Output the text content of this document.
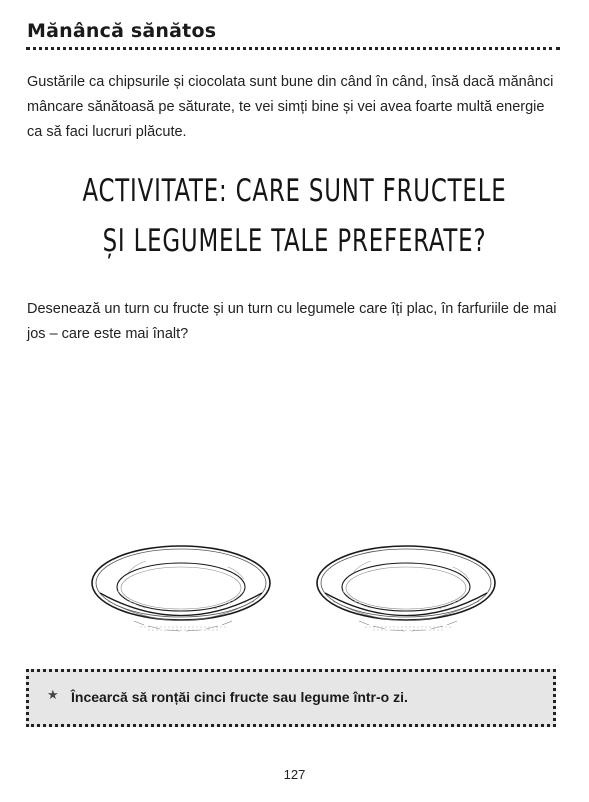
Mănâncă sănătos

Gustările ca chipsurile și ciocolata sunt bune din când în când, însă dacă mănânci mâncare sănătoasă pe săturate, te vei simți bine și vei avea foarte multă energie ca să faci lucruri plăcute.

ACTIVITATE: CARE SUNT FRUCTELE ȘI LEGUMELE TALE PREFERATE?

Desenează un turn cu fructe și un turn cu legumele care îți plac, în farfuriile de mai jos – care este mai înalt?

★ Încearcă să ronțăi cinci fructe sau legume într-o zi.
127
